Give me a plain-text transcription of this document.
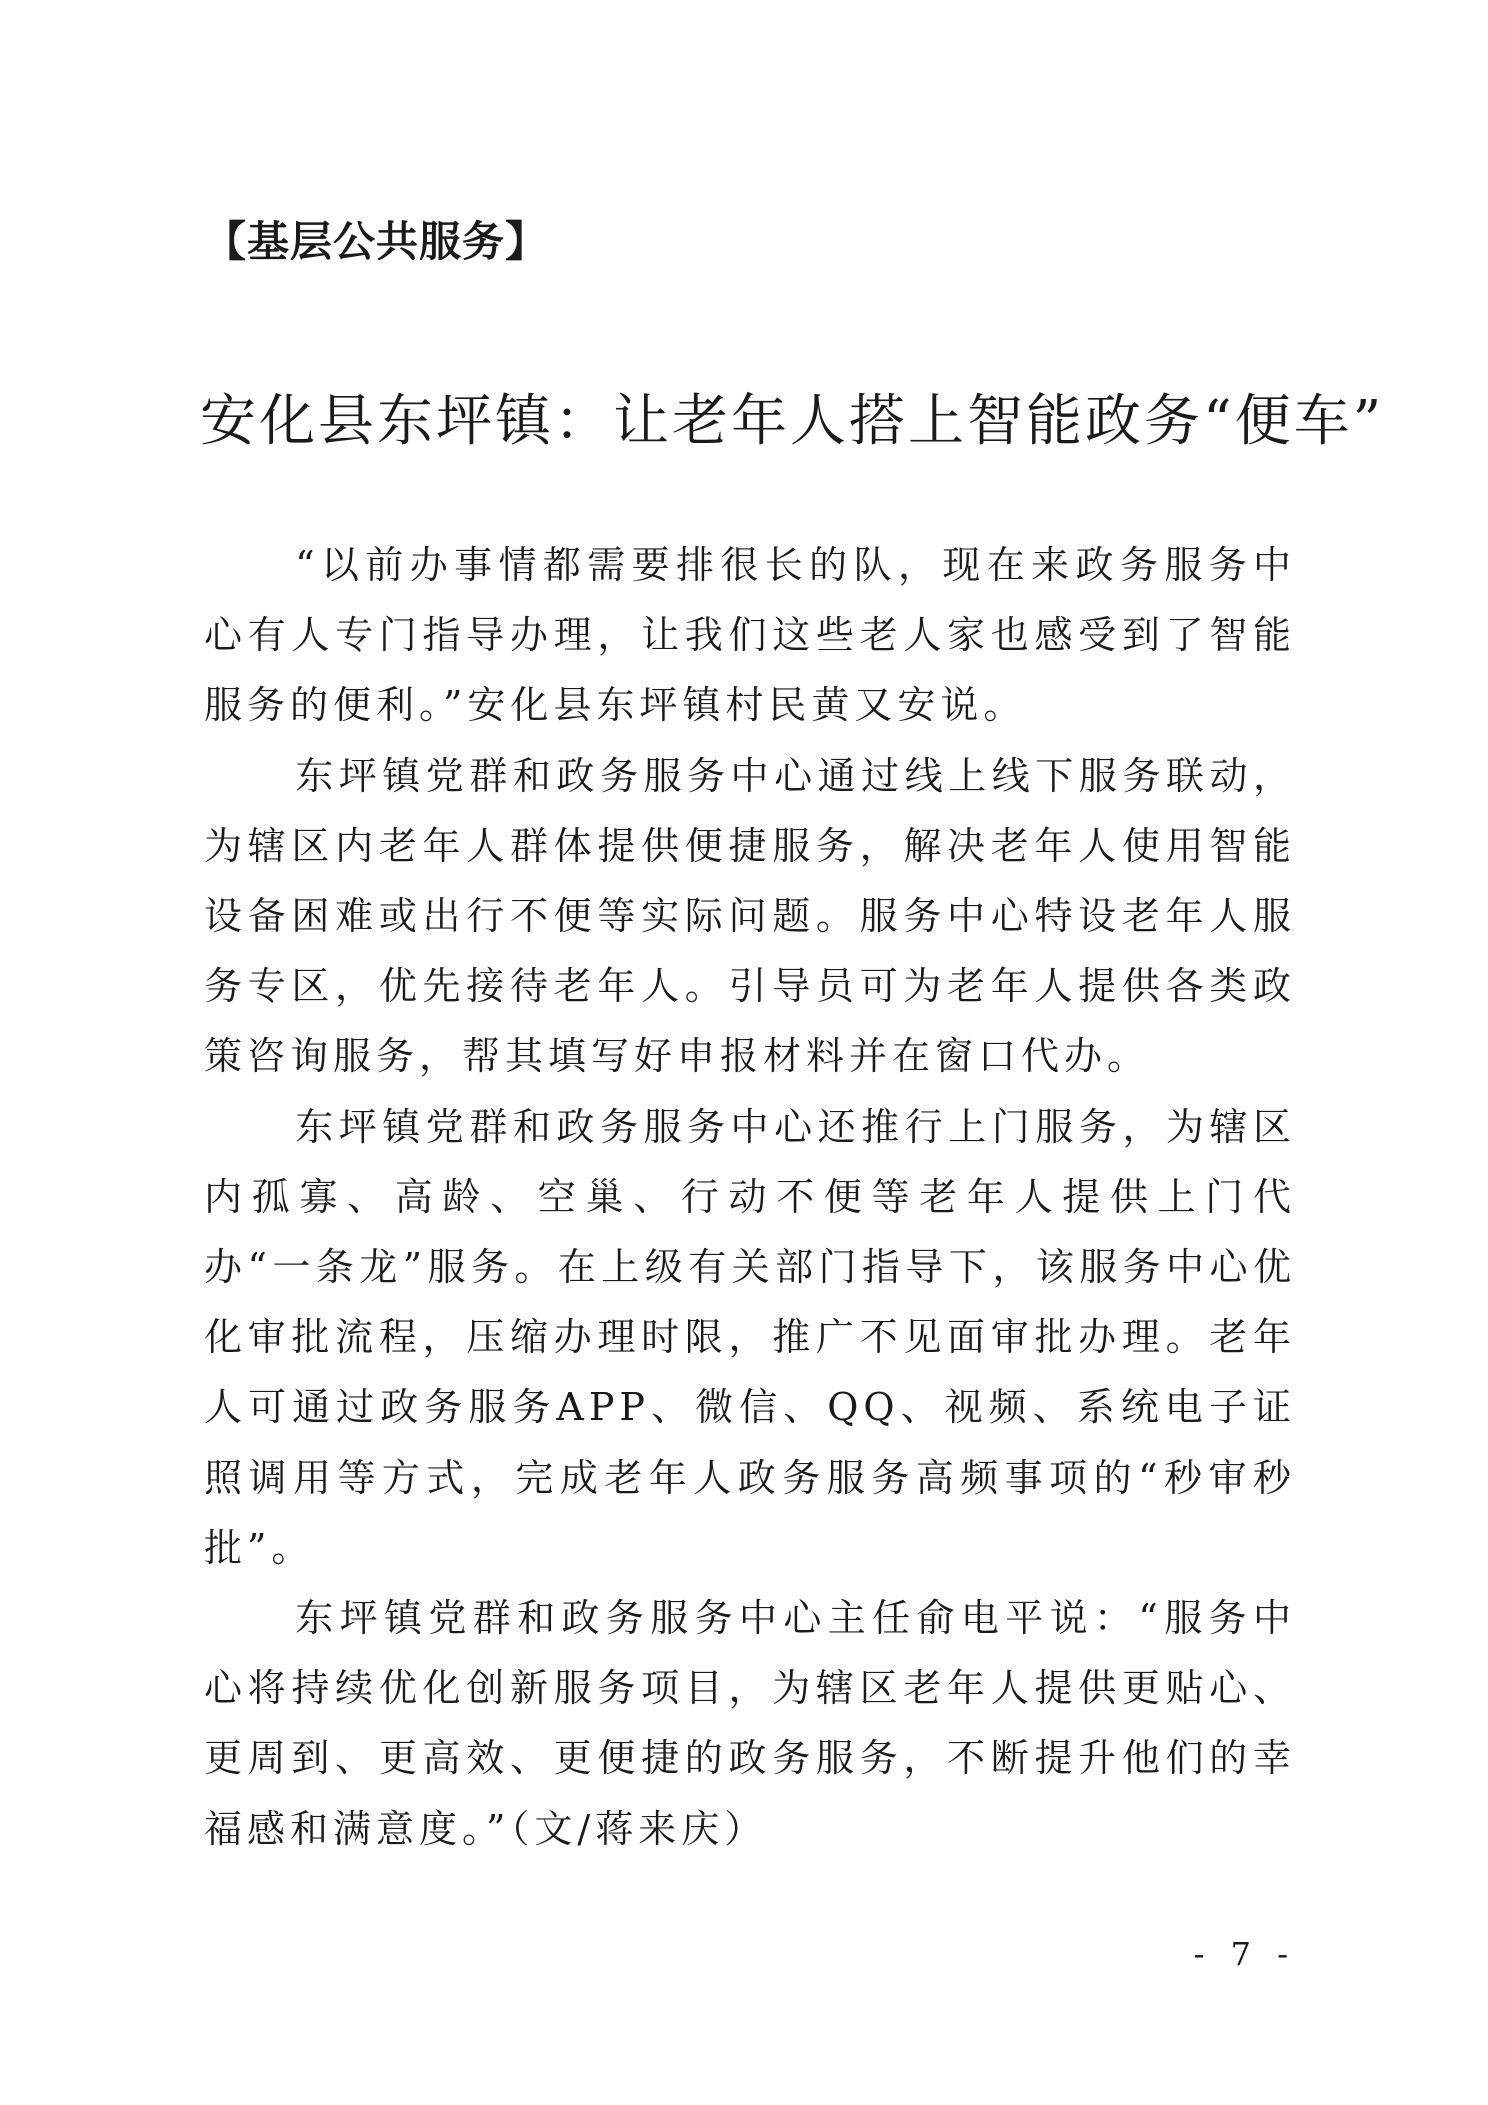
【基层公共服务】
安化县东坪镇：让老年人搭上智能政务“便车”

“以前办事情都需要排很长的队，现在来政务服务中心有人专门指导办理，让我们这些老人家也感受到了智能服务的便利。”安化县东坪镇村民黄又安说。

东坪镇党群和政务服务中心通过线上线下服务联动，为辖区内老年人群体提供便捷服务，解决老年人使用智能设备困难或出行不便等实际问题。服务中心特设老年人服务专区，优先接待老年人。引导员可为老年人提供各类政策咨询服务，帮其填写好申报材料并在窗口代办。

东坪镇党群和政务服务中心还推行上门服务，为辖区内孤寡、高龄、空巢、行动不便等老年人提供上门代办“一条龙”服务。在上级有关部门指导下，该服务中心优化审批流程，压缩办理时限，推广不见面审批办理。老年人可通过政务服务APP、微信、QQ、视频、系统电子证照调用等方式，完成老年人政务服务高频事项的“秒审秒批”。

东坪镇党群和政务服务中心主任俞电平说：“服务中心将持续优化创新服务项目，为辖区老年人提供更贴心、更周到、更高效、更便捷的政务服务，不断提升他们的幸福感和满意度。”（文/蒋来庆）

- 7 -
